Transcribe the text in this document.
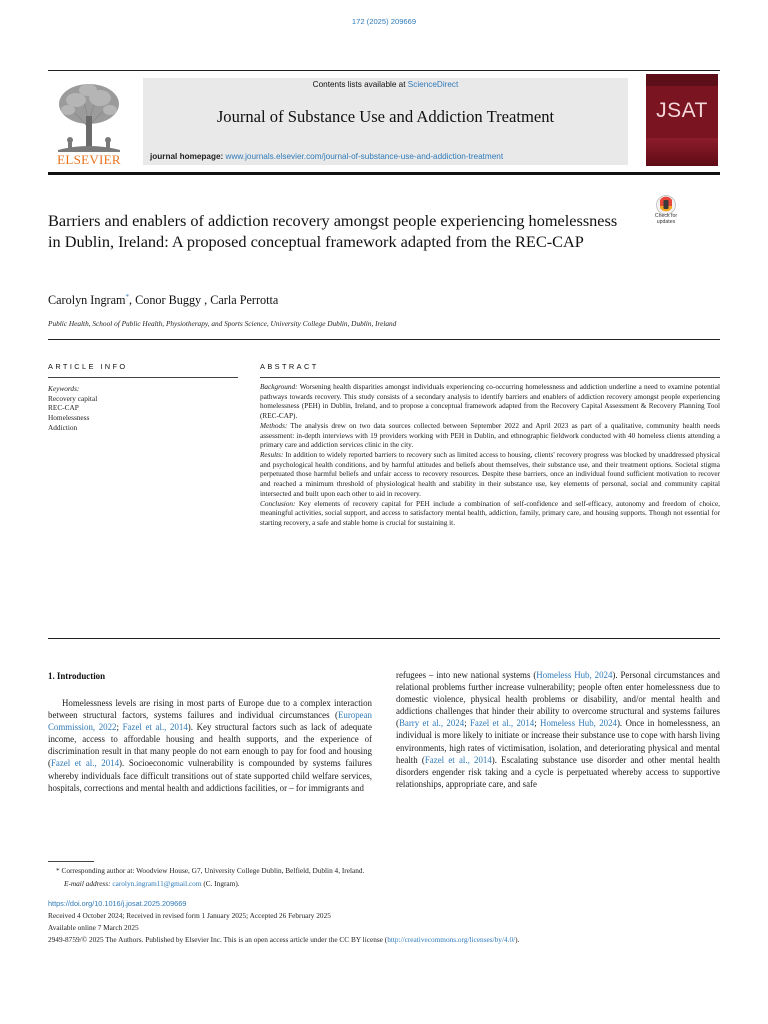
172 (2025) 209669
ELSEVIER
Contents lists available at ScienceDirect
Journal of Substance Use and Addiction Treatment
journal homepage: www.journals.elsevier.com/journal-of-substance-use-and-addiction-treatment
JSAT
Barriers and enablers of addiction recovery amongst people experiencing homelessness in Dublin, Ireland: A proposed conceptual framework adapted from the REC-CAP
Check for updates
Carolyn Ingram*, Conor Buggy , Carla Perrotta
Public Health, School of Public Health, Physiotherapy, and Sports Science, University College Dublin, Dublin, Ireland
ARTICLE INFO	ABSTRACT
Keywords:
Recovery capital
REC-CAP
Homelessness
Addiction

Background: Worsening health disparities amongst individuals experiencing co-occurring homelessness and addiction underline a need to examine potential pathways towards recovery. This study consists of a secondary analysis to identify barriers and enablers of addiction recovery amongst people experiencing homelessness (PEH) in Dublin, Ireland, and to propose a conceptual framework adapted from the Recovery Capital Assessment & Recovery Planning Tool (REC-CAP).

Methods: The analysis drew on two data sources collected between September 2022 and April 2023 as part of a qualitative, community health needs assessment: in-depth interviews with 19 providers working with PEH in Dublin, and ethnographic fieldwork conducted with 40 homeless clients attending a primary care and addiction services clinic in the city.

Results: In addition to widely reported barriers to recovery such as limited access to housing, clients' recovery progress was blocked by unaddressed physical and psychological health conditions, and by harmful attitudes and beliefs about themselves, their substance use, and their treatment options. Societal stigma perpetuated those harmful beliefs and unfair access to recovery resources. Despite these barriers, once an individual found sufficient motivation to recover and reached a minimum threshold of physiological health and stability in their substance use, key elements of personal, social and community capital intersected and built upon each other to aid in recovery.

Conclusion: Key elements of recovery capital for PEH include a combination of self-confidence and self-efficacy, autonomy and freedom of choice, meaningful activities, social support, and access to satisfactory mental health, addiction, family, primary care, and housing supports. Though not essential for starting recovery, a safe and stable home is crucial for sustaining it.

1. Introduction
Homelessness levels are rising in most parts of Europe due to a complex interaction between structural factors, systems failures and individual circumstances (European Commission, 2022; Fazel et al., 2014). Key structural factors such as lack of adequate income, access to affordable housing and health supports, and the experience of discrimination result in that many people do not earn enough to pay for food and housing (Fazel et al., 2014). Socioeconomic vulnerability is compounded by systems failures whereby individuals face difficult transitions out of state supported child welfare services, hospitals, corrections and mental health and addictions facilities, or – for immigrants and
refugees – into new national systems (Homeless Hub, 2024). Personal circumstances and relational problems further increase vulnerability; people often enter homelessness due to domestic violence, physical health problems or disability, and/or mental health and addictions challenges that hinder their ability to overcome structural and systems failures (Barry et al., 2024; Fazel et al., 2014; Homeless Hub, 2024). Once in homelessness, an individual is more likely to initiate or increase their substance use to cope with harsh living environments, high rates of victimisation, isolation, and deteriorating physical and mental health (Fazel et al., 2014). Escalating substance use disorder and other mental health disorders engender risk taking and a cycle is perpetuated whereby access to supportive relationships, appropriate care, and safe
* Corresponding author at: Woodview House, G7, University College Dublin, Belfield, Dublin 4, Ireland.
E-mail address: carolyn.ingram11@gmail.com (C. Ingram).
https://doi.org/10.1016/j.josat.2025.209669
Received 4 October 2024; Received in revised form 1 January 2025; Accepted 26 February 2025
Available online 7 March 2025
2949-8759/© 2025 The Authors. Published by Elsevier Inc. This is an open access article under the CC BY license (http://creativecommons.org/licenses/by/4.0/).
